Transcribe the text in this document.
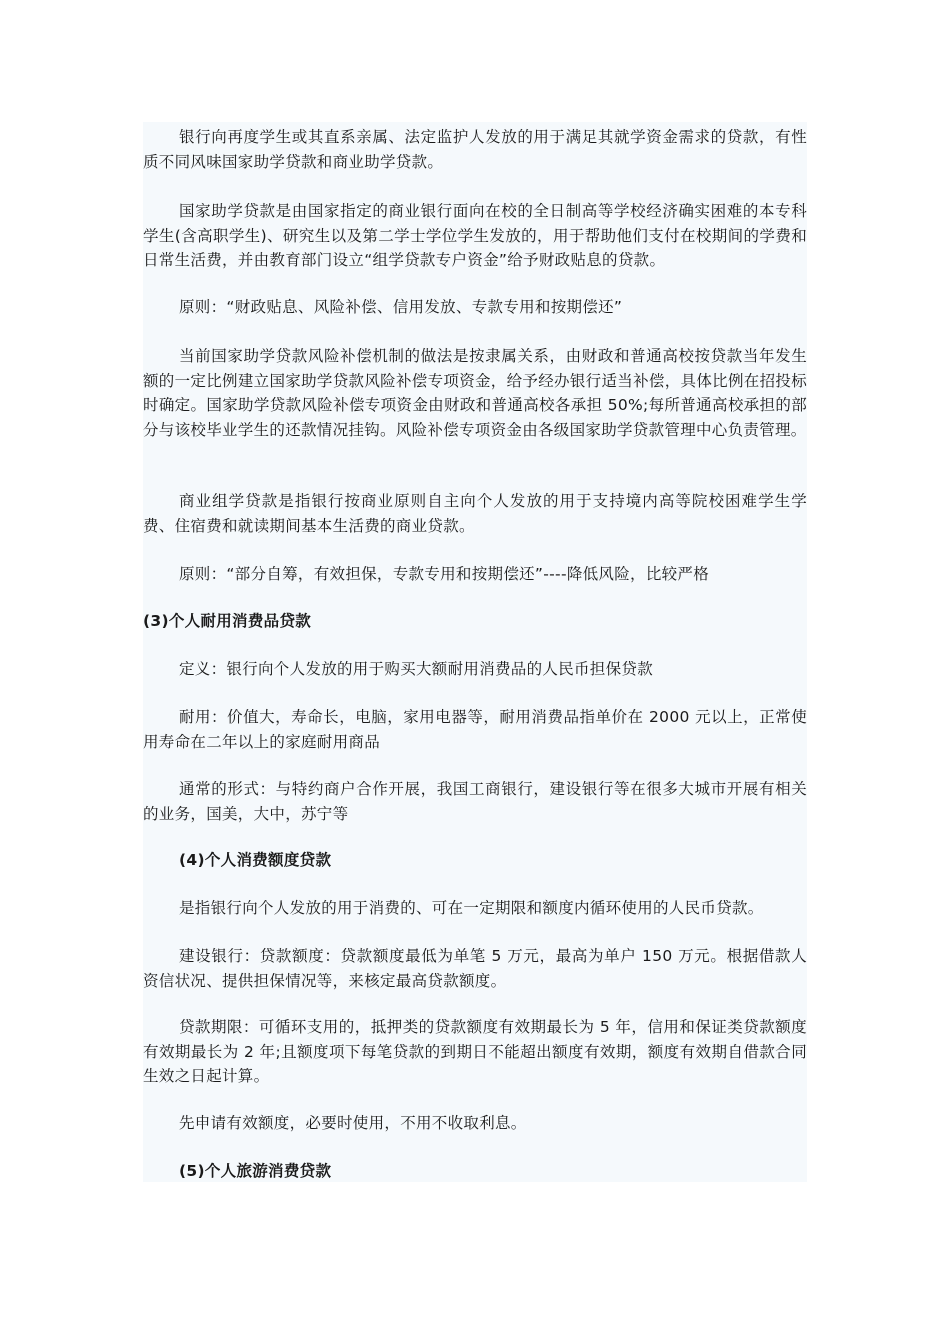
银行向再度学生或其直系亲属、法定监护人发放的用于满足其就学资金需求的贷款，有性质不同风味国家助学贷款和商业助学贷款。

国家助学贷款是由国家指定的商业银行面向在校的全日制高等学校经济确实困难的本专科学生(含高职学生)、研究生以及第二学士学位学生发放的，用于帮助他们支付在校期间的学费和日常生活费，并由教育部门设立“组学贷款专户资金”给予财政贴息的贷款。

原则：“财政贴息、风险补偿、信用发放、专款专用和按期偿还”

当前国家助学贷款风险补偿机制的做法是按隶属关系，由财政和普通高校按贷款当年发生额的一定比例建立国家助学贷款风险补偿专项资金，给予经办银行适当补偿，具体比例在招投标时确定。国家助学贷款风险补偿专项资金由财政和普通高校各承担 50%;每所普通高校承担的部分与该校毕业学生的还款情况挂钩。风险补偿专项资金由各级国家助学贷款管理中心负责管理。

商业组学贷款是指银行按商业原则自主向个人发放的用于支持境内高等院校困难学生学费、住宿费和就读期间基本生活费的商业贷款。

原则：“部分自筹，有效担保，专款专用和按期偿还”----降低风险，比较严格

(3)个人耐用消费品贷款

定义：银行向个人发放的用于购买大额耐用消费品的人民币担保贷款

耐用：价值大，寿命长，电脑，家用电器等，耐用消费品指单价在 2000 元以上，正常使用寿命在二年以上的家庭耐用商品

通常的形式：与特约商户合作开展，我国工商银行，建设银行等在很多大城市开展有相关的业务，国美，大中，苏宁等

(4)个人消费额度贷款

是指银行向个人发放的用于消费的、可在一定期限和额度内循环使用的人民币贷款。

建设银行：贷款额度：贷款额度最低为单笔 5 万元，最高为单户 150 万元。根据借款人资信状况、提供担保情况等，来核定最高贷款额度。

贷款期限：可循环支用的，抵押类的贷款额度有效期最长为 5 年，信用和保证类贷款额度有效期最长为 2 年;且额度项下每笔贷款的到期日不能超出额度有效期，额度有效期自借款合同生效之日起计算。

先申请有效额度，必要时使用，不用不收取利息。

(5)个人旅游消费贷款
